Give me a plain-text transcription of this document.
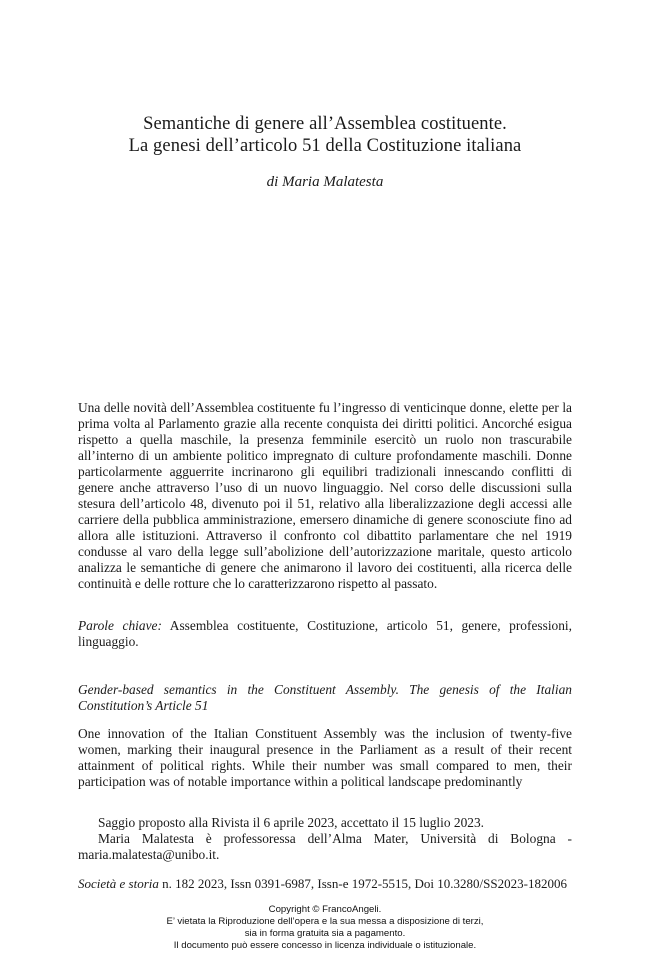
Semantiche di genere all’Assemblea costituente.
La genesi dell’articolo 51 della Costituzione italiana
di Maria Malatesta

Una delle novità dell’Assemblea costituente fu l’ingresso di venticinque donne, elette per la prima volta al Parlamento grazie alla recente conquista dei diritti politici. Ancorché esigua rispetto a quella maschile, la presenza femminile esercitò un ruolo non trascurabile all’interno di un ambiente politico impregnato di culture profondamente maschili. Donne particolarmente agguerrite incrinarono gli equilibri tradizionali innescando conflitti di genere anche attraverso l’uso di un nuovo linguaggio. Nel corso delle discussioni sulla stesura dell’articolo 48, divenuto poi il 51, relativo alla liberalizzazione degli accessi alle carriere della pubblica amministrazione, emersero dinamiche di genere sconosciute fino ad allora alle istituzioni. Attraverso il confronto col dibattito parlamentare che nel 1919 condusse al varo della legge sull’abolizione dell’autorizzazione maritale, questo articolo analizza le semantiche di genere che animarono il lavoro dei costituenti, alla ricerca delle continuità e delle rotture che lo caratterizzarono rispetto al passato.

Parole chiave: Assemblea costituente, Costituzione, articolo 51, genere, professioni, linguaggio.

Gender-based semantics in the Constituent Assembly. The genesis of the Italian Constitution’s Article 51

One innovation of the Italian Constituent Assembly was the inclusion of twenty-five women, marking their inaugural presence in the Parliament as a result of their recent attainment of political rights. While their number was small compared to men, their participation was of notable importance within a political landscape predominantly

Saggio proposto alla Rivista il 6 aprile 2023, accettato il 15 luglio 2023.

Maria Malatesta è professoressa dell’Alma Mater, Università di Bologna - maria.malatesta@unibo.it.

Società e storia n. 182 2023, Issn 0391-6987, Issn-e 1972-5515, Doi 10.3280/SS2023-182006

Copyright © FrancoAngeli.
E’ vietata la Riproduzione dell’opera e la sua messa a disposizione di terzi,
sia in forma gratuita sia a pagamento.
Il documento può essere concesso in licenza individuale o istituzionale.
